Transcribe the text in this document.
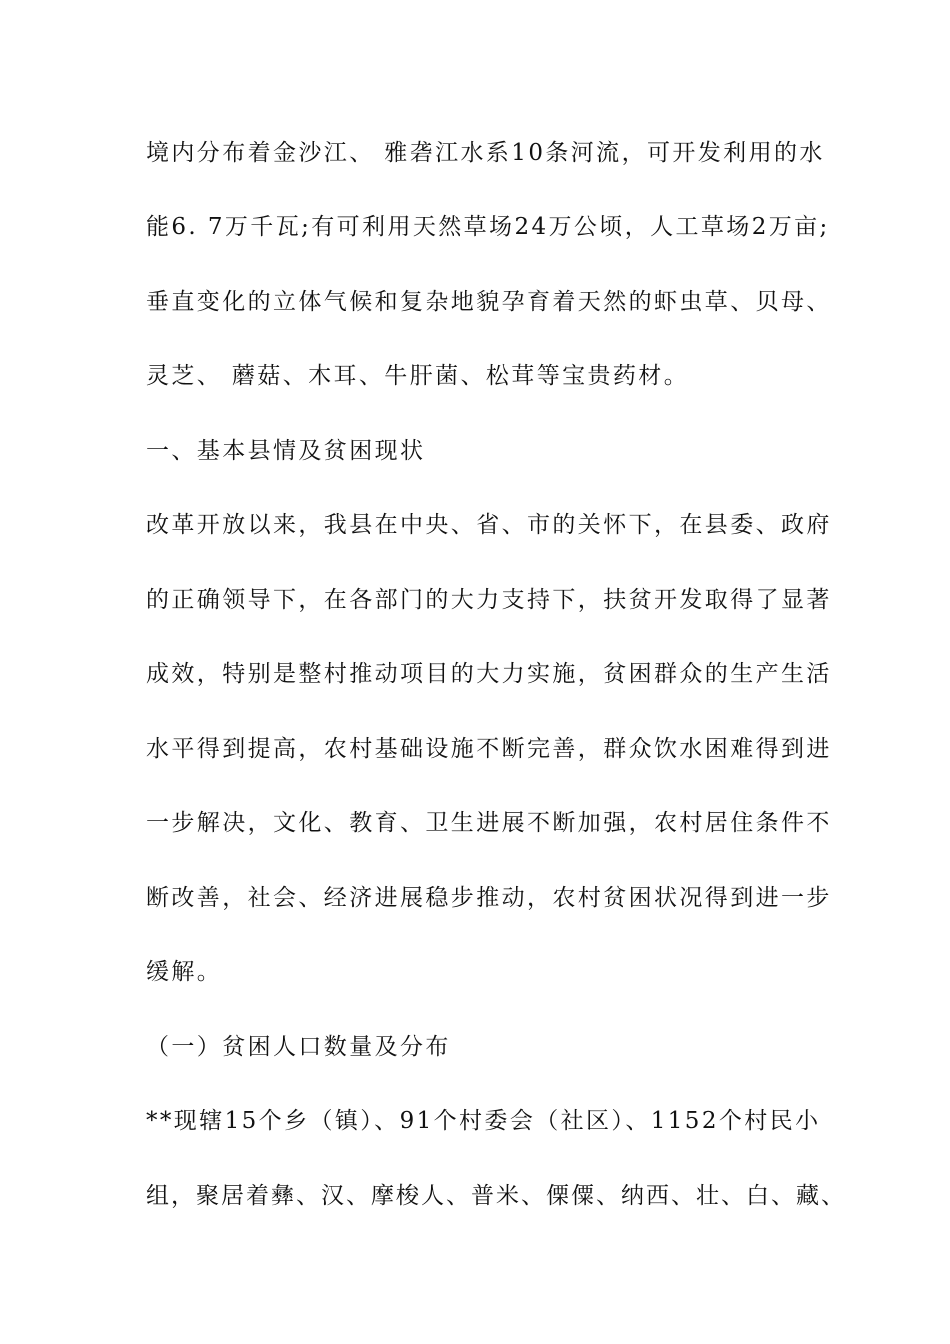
境内分布着金沙江、 雅砻江水系10条河流，可开发利用的水
能6. 7万千瓦;有可利用天然草场24万公顷，人工草场2万亩;
垂直变化的立体气候和复杂地貌孕育着天然的虾虫草、贝母、
灵芝、 蘑菇、木耳、牛肝菌、松茸等宝贵药材。
一、基本县情及贫困现状
改革开放以来，我县在中央、省、市的关怀下，在县委、政府
的正确领导下，在各部门的大力支持下，扶贫开发取得了显著
成效，特别是整村推动项目的大力实施，贫困群众的生产生活
水平得到提高，农村基础设施不断完善，群众饮水困难得到进
一步解决，文化、教育、卫生进展不断加强，农村居住条件不
断改善，社会、经济进展稳步推动，农村贫困状况得到进一步
缓解。
（一）贫困人口数量及分布
**现辖15个乡（镇）、91个村委会（社区）、1152个村民小
组，聚居着彝、汉、摩梭人、普米、傈僳、纳西、壮、白、藏、
